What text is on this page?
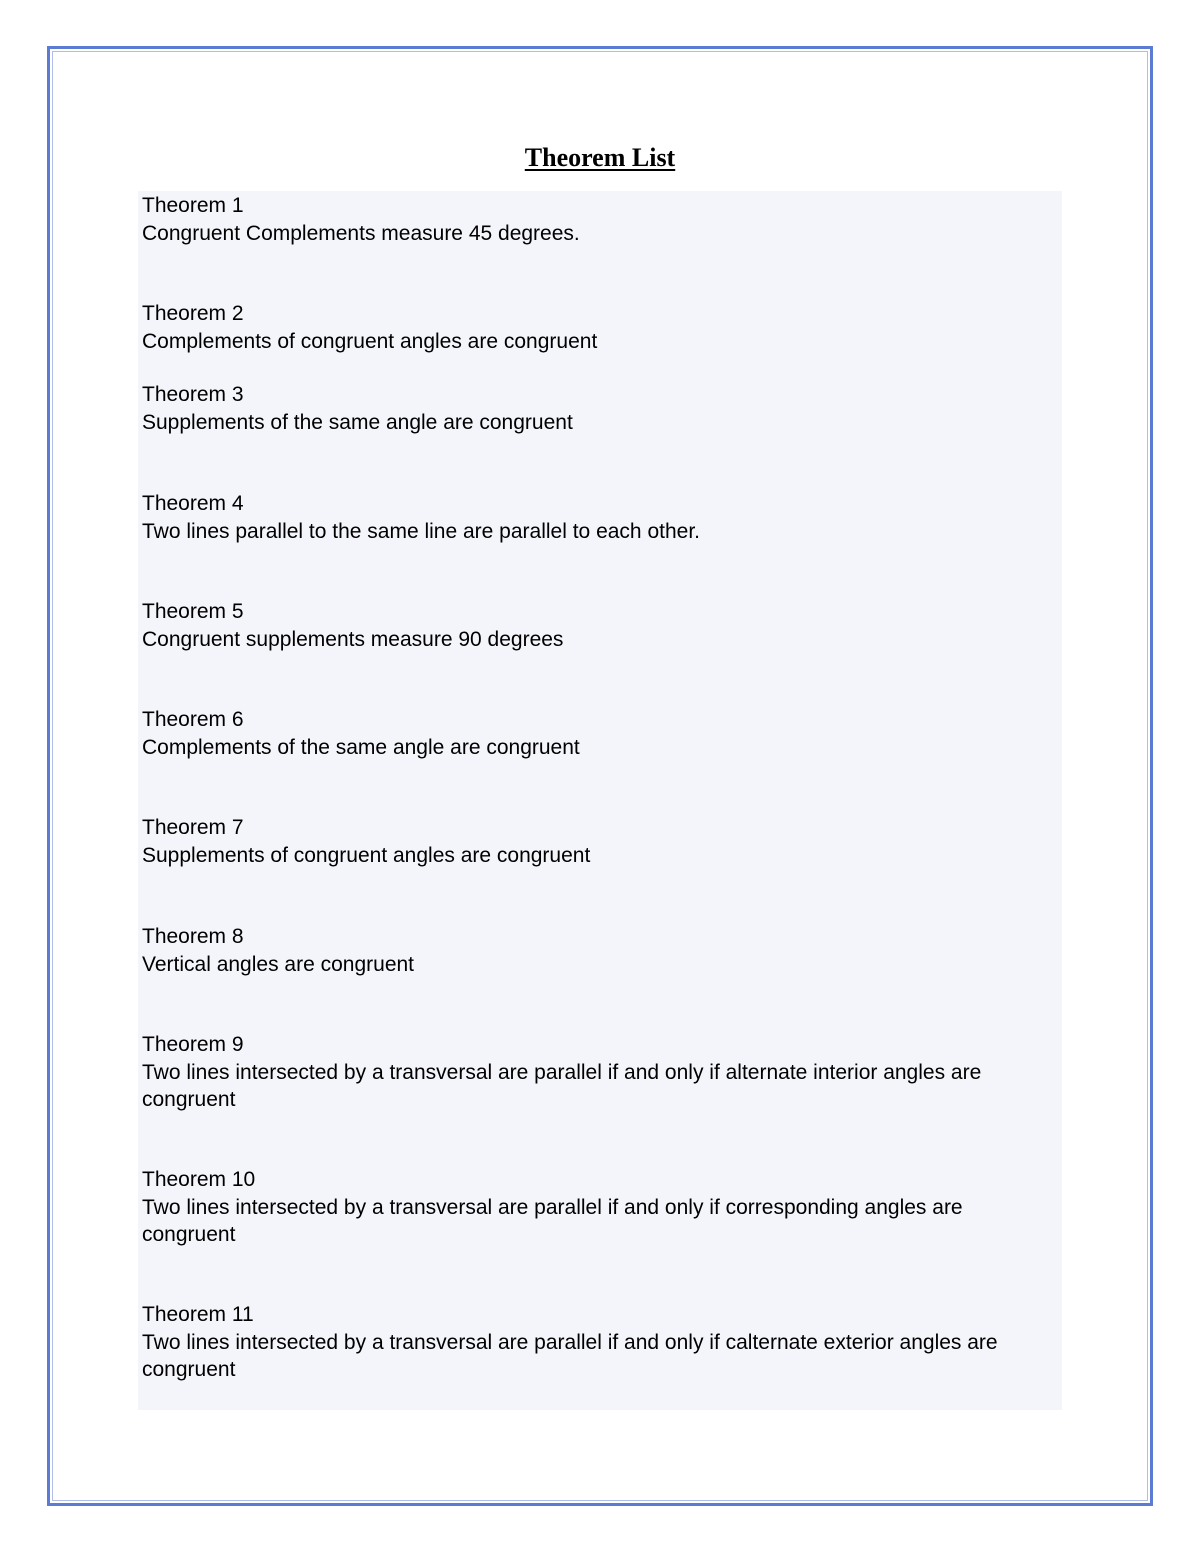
Theorem List
Theorem 1
Congruent Complements measure 45 degrees.
Theorem 2
Complements of congruent angles are congruent
Theorem 3
Supplements of the same angle are congruent
Theorem 4
Two lines parallel to the same line are parallel to each other.
Theorem 5
Congruent supplements measure 90 degrees
Theorem 6
Complements of the same angle are congruent
Theorem 7
Supplements of congruent angles are congruent
Theorem 8
Vertical angles are congruent
Theorem 9
Two lines intersected by a transversal are parallel if and only if alternate interior angles are congruent
Theorem 10
Two lines intersected by a transversal are parallel if and only if corresponding angles are congruent
Theorem 11
Two lines intersected by a transversal are parallel if and only if calternate exterior angles are congruent
